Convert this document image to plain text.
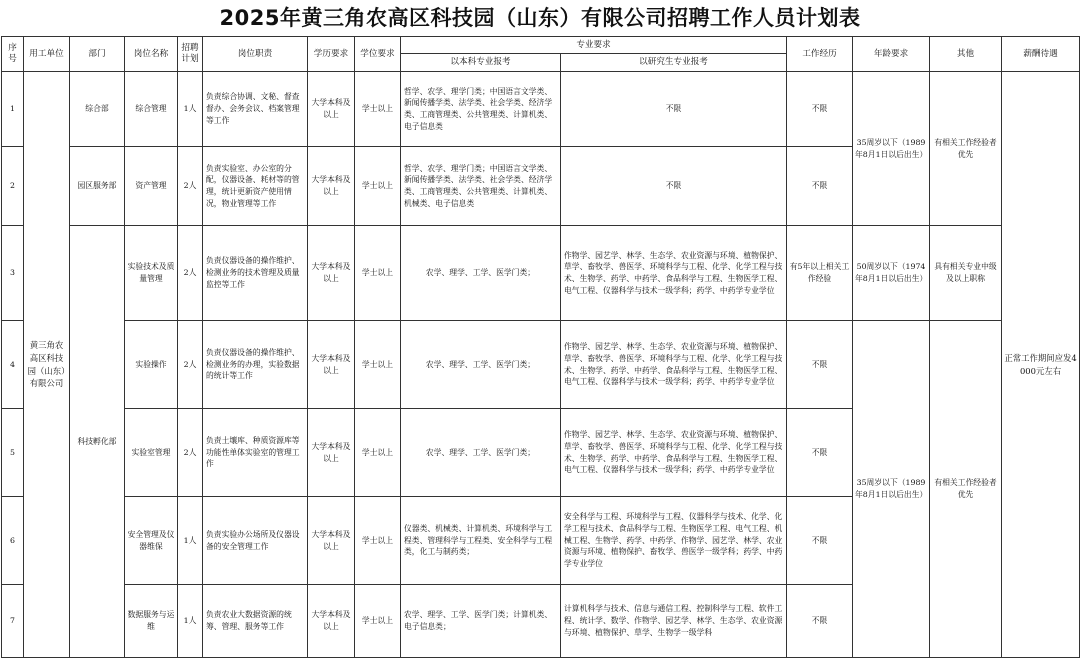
2025年黄三角农高区科技园（山东）有限公司招聘工作人员计划表
序号	用工单位	部门	岗位名称	招聘计划	岗位职责	学历要求	学位要求	专业要求		工作经历	年龄要求	其他	薪酬待遇
								以本科专业报考	以研究生专业报考				
1	黄三角农高区科技园（山东）有限公司	综合部	综合管理	1人	负责综合协调、文秘、督查督办、会务会议、档案管理等工作	大学本科及以上	学士以上	哲学、农学、理学门类；中国语言文学类、新闻传播学类、法学类、社会学类、经济学类、工商管理类、公共管理类、计算机类、电子信息类	不限	不限	35周岁以下（1989年8月1日以后出生）	有相关工作经验者优先	正常工作期间应发4000元左右
2		园区服务部	资产管理	2人	负责实验室、办公室的分配，仪器设备、耗材等的管理，统计更新资产使用情况，物业管理等工作	大学本科及以上	学士以上	哲学、农学、理学门类；中国语言文学类、新闻传播学类、法学类、社会学类、经济学类、工商管理类、公共管理类、计算机类、机械类、电子信息类	不限	不限			
3		科技孵化部	实验技术及质量管理	2人	负责仪器设备的操作维护、检测业务的技术管理及质量监控等工作	大学本科及以上	学士以上	农学、理学、工学、医学门类；	作物学、园艺学、林学、生态学、农业资源与环境、植物保护、草学、畜牧学、兽医学、环境科学与工程、化学、化学工程与技术、生物学、药学、中药学、食品科学与工程、生物医学工程、电气工程、仪器科学与技术一级学科；药学、中药学专业学位	有5年以上相关工作经验	50周岁以下（1974年8月1日以后出生）	具有相关专业中级及以上职称	
4			实验操作	2人	负责仪器设备的操作维护、检测业务的办理，实验数据的统计等工作	大学本科及以上	学士以上	农学、理学、工学、医学门类；	作物学、园艺学、林学、生态学、农业资源与环境、植物保护、草学、畜牧学、兽医学、环境科学与工程、化学、化学工程与技术、生物学、药学、中药学、食品科学与工程、生物医学工程、电气工程、仪器科学与技术一级学科；药学、中药学专业学位	不限	35周岁以下（1989年8月1日以后出生）	有相关工作经验者优先	
5			实验室管理	2人	负责土壤库、种质资源库等功能性单体实验室的管理工作	大学本科及以上	学士以上	农学、理学、工学、医学门类；	作物学、园艺学、林学、生态学、农业资源与环境、植物保护、草学、畜牧学、兽医学、环境科学与工程、化学、化学工程与技术、生物学、药学、中药学、食品科学与工程、生物医学工程、电气工程、仪器科学与技术一级学科；药学、中药学专业学位	不限			
6			安全管理及仪器维保	1人	负责实验办公场所及仪器设备的安全管理工作	大学本科及以上	学士以上	仪器类、机械类、计算机类、环境科学与工程类、管理科学与工程类、安全科学与工程类，化工与制药类；	安全科学与工程、环境科学与工程、仪器科学与技术、化学、化学工程与技术、食品科学与工程、生物医学工程、电气工程、机械工程、生物学、药学、中药学、作物学、园艺学、林学、农业资源与环境、植物保护、畜牧学、兽医学一级学科；药学、中药学专业学位	不限			
7			数据服务与运维	1人	负责农业大数据资源的统筹、管理、服务等工作	大学本科及以上	学士以上	农学、理学、工学、医学门类；计算机类、电子信息类；	计算机科学与技术、信息与通信工程、控制科学与工程、软件工程、统计学、数学、作物学、园艺学、林学、生态学、农业资源与环境、植物保护、草学、生物学一级学科	不限			
